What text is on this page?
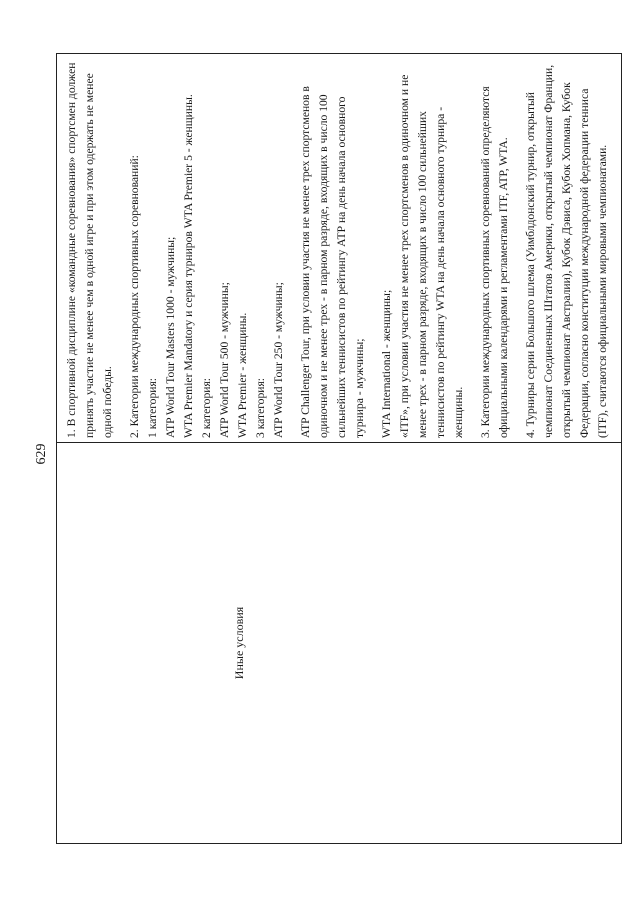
629
Иные условия

1. В спортивной дисциплине «командные соревнования» спортсмен должен принять участие не менее чем в одной игре и при этом одержать не менее одной победы. 2. Категории международных спортивных соревнований: 1 категория: ATP World Tour Masters 1000 - мужчины; WTA Premier Mandatory и серия турниров WTA Premier 5 - женщины. 2 категория: ATP World Tour 500 - мужчины; WTA Premier - женщины. 3 категория: ATP World Tour 250 - мужчины; ATP Challenger Tour, при условии участия не менее трех спортсменов в одиночном и не менее трех - в парном разряде, входящих в число 100 сильнейших теннисистов по рейтингу АТР на день начала основного турнира - мужчины; WTA International - женщины; «ITF», при условии участия не менее трех спортсменов в одиночном и не менее трех - в парном разряде, входящих в число 100 сильнейших теннисистов по рейтингу WTA на день начала основного турнира - женщины. 3. Категории международных спортивных соревнований определяются официальными календарями и регламентами ITF, ATP, WTA. 4. Турниры серии Большого шлема (Уимблдонский турнир, открытый чемпионат Соединенных Штатов Америки, открытый чемпионат Франции, открытый чемпионат Австралии), Кубок Дэвиса, Кубок Хопмана, Кубок Федерации, согласно конституции международной федерации тенниса (ITF), считаются официальными мировыми чемпионатами.
